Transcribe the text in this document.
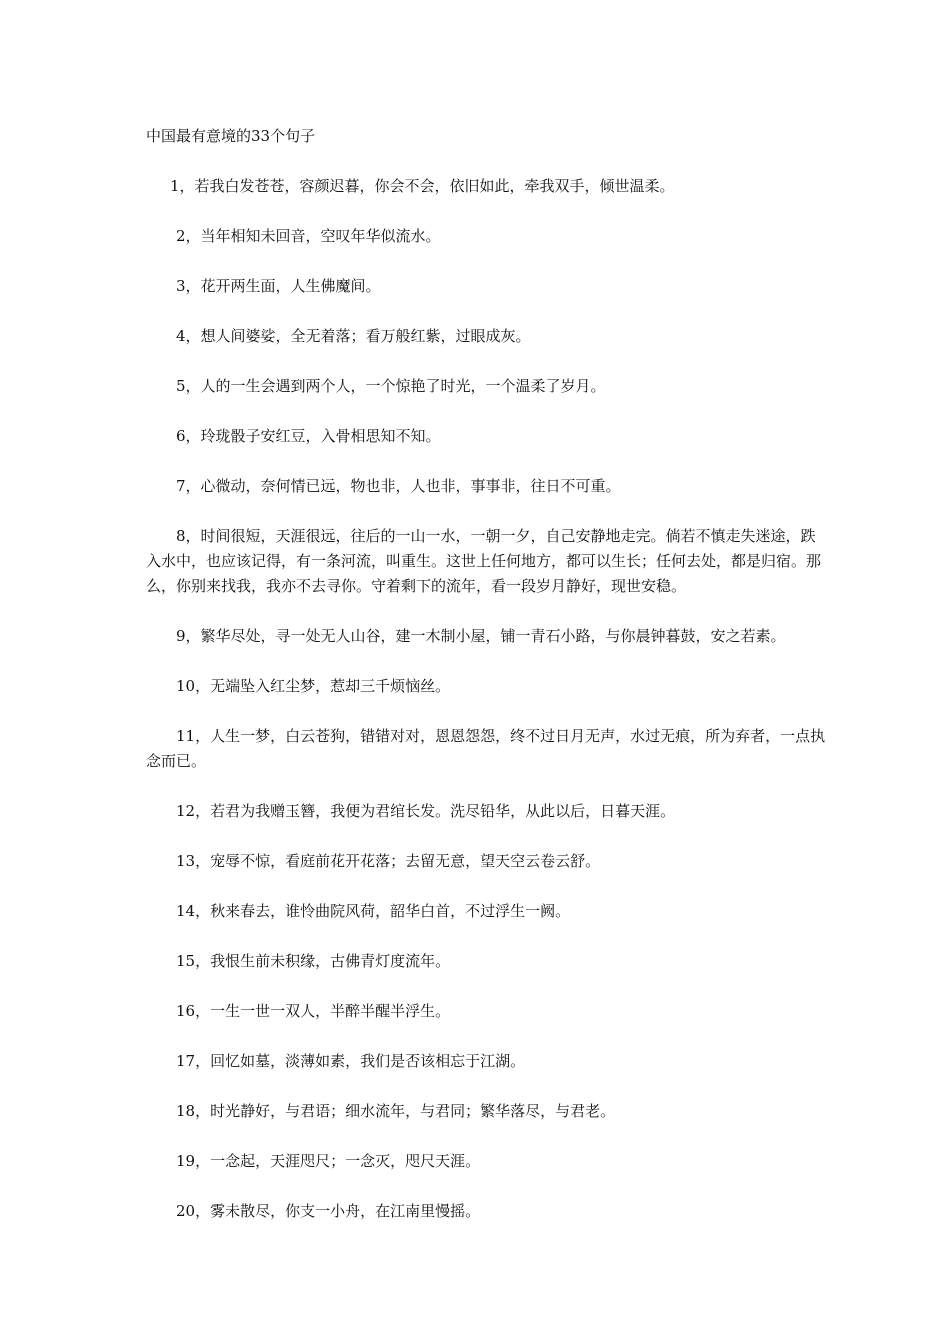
中国最有意境的33个句子

1，若我白发苍苍，容颜迟暮，你会不会，依旧如此，牵我双手，倾世温柔。

2，当年相知未回音，空叹年华似流水。

3，花开两生面，人生佛魔间。

4，想人间婆娑，全无着落；看万般红紫，过眼成灰。

5，人的一生会遇到两个人，一个惊艳了时光，一个温柔了岁月。

6，玲珑骰子安红豆，入骨相思知不知。

7，心微动，奈何情已远，物也非，人也非，事事非，往日不可重。

8，时间很短，天涯很远，往后的一山一水，一朝一夕，自己安静地走完。倘若不慎走失迷途，跌入水中，也应该记得，有一条河流，叫重生。这世上任何地方，都可以生长；任何去处，都是归宿。那么，你别来找我，我亦不去寻你。守着剩下的流年，看一段岁月静好，现世安稳。

9，繁华尽处，寻一处无人山谷，建一木制小屋，铺一青石小路，与你晨钟暮鼓，安之若素。

10，无端坠入红尘梦，惹却三千烦恼丝。

11，人生一梦，白云苍狗，错错对对，恩恩怨怨，终不过日月无声，水过无痕，所为弃者，一点执念而已。

12，若君为我赠玉簪，我便为君绾长发。洗尽铅华，从此以后，日暮天涯。

13，宠辱不惊，看庭前花开花落；去留无意，望天空云卷云舒。

14，秋来春去，谁怜曲院风荷，韶华白首，不过浮生一阙。

15，我恨生前未积缘，古佛青灯度流年。

16，一生一世一双人，半醉半醒半浮生。

17，回忆如墓，淡薄如素，我们是否该相忘于江湖。

18，时光静好，与君语；细水流年，与君同；繁华落尽，与君老。

19，一念起，天涯咫尺；一念灭，咫尺天涯。

20，雾未散尽，你支一小舟，在江南里慢摇。
